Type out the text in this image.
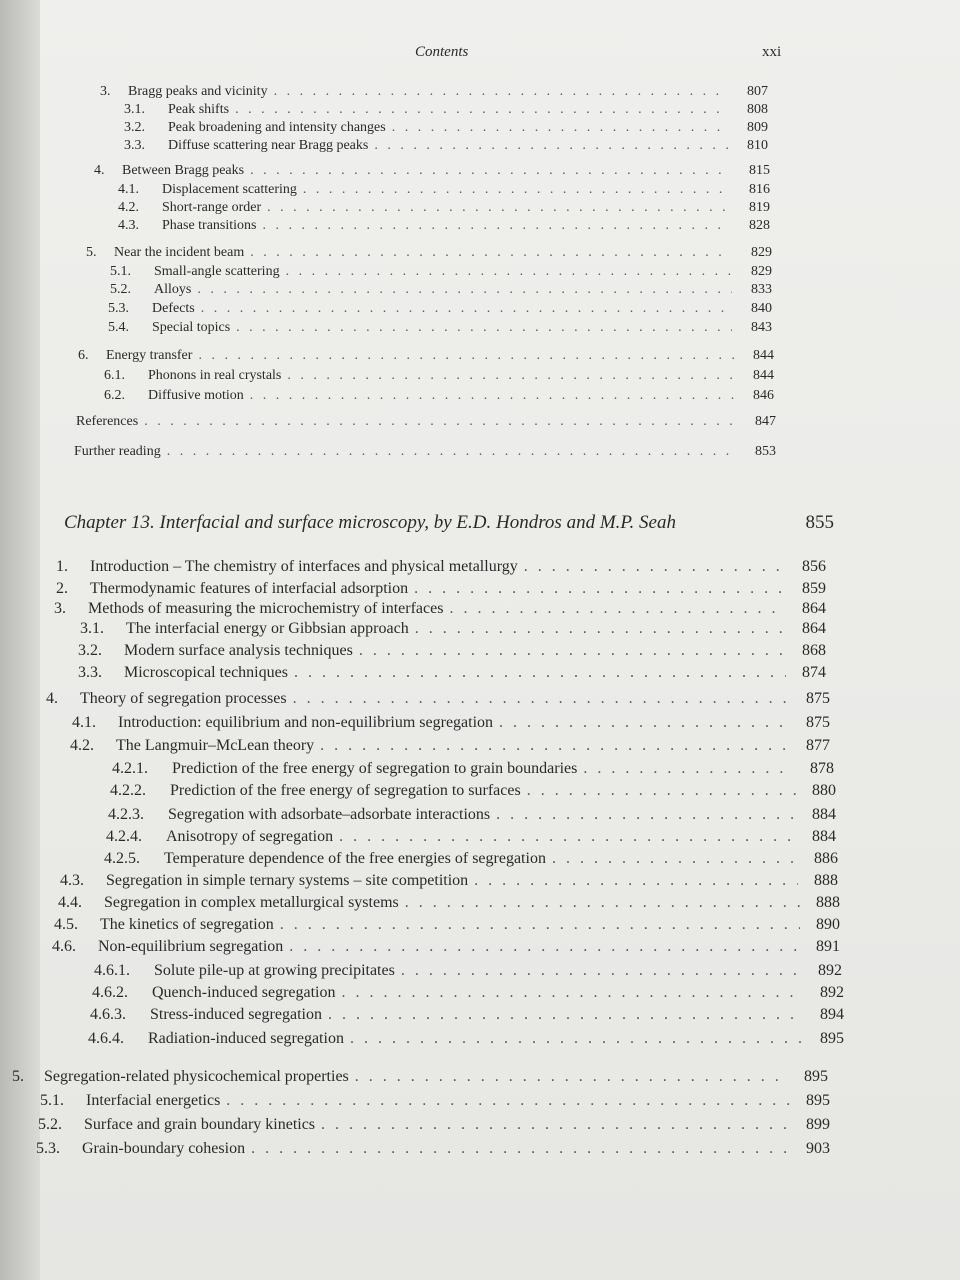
Contents	xxi
3.	Bragg peaks and vicinity . . .	807
3.1.	Peak shifts . . .	808
3.2.	Peak broadening and intensity changes . . .	809
3.3.	Diffuse scattering near Bragg peaks . . .	810
4.	Between Bragg peaks . . .	815
4.1.	Displacement scattering . . .	816
4.2.	Short-range order . . .	819
4.3.	Phase transitions . . .	828
5.	Near the incident beam . . .	829
5.1.	Small-angle scattering . . .	829
5.2.	Alloys . . .	833
5.3.	Defects . . .	840
5.4.	Special topics . . .	843
6.	Energy transfer . . .	844
6.1.	Phonons in real crystals . . .	844
6.2.	Diffusive motion . . .	846
References . . .	847
Further reading . . .	853
Chapter 13. Interfacial and surface microscopy, by E.D. Hondros and M.P. Seah	855
1.	Introduction – The chemistry of interfaces and physical metallurgy . . .	856
2.	Thermodynamic features of interfacial adsorption . . .	859
3.	Methods of measuring the microchemistry of interfaces . . .	864
3.1.	The interfacial energy or Gibbsian approach . . .	864
3.2.	Modern surface analysis techniques . . .	868
3.3.	Microscopical techniques . . .	874
4.	Theory of segregation processes . . .	875
4.1.	Introduction: equilibrium and non-equilibrium segregation . . .	875
4.2.	The Langmuir–McLean theory . . .	877
4.2.1.	Prediction of the free energy of segregation to grain boundaries . . .	878
4.2.2.	Prediction of the free energy of segregation to surfaces . . .	880
4.2.3.	Segregation with adsorbate–adsorbate interactions . . .	884
4.2.4.	Anisotropy of segregation . . .	884
4.2.5.	Temperature dependence of the free energies of segregation . . .	886
4.3.	Segregation in simple ternary systems – site competition . . .	888
4.4.	Segregation in complex metallurgical systems . . .	888
4.5.	The kinetics of segregation . . .	890
4.6.	Non-equilibrium segregation . . .	891
4.6.1.	Solute pile-up at growing precipitates . . .	892
4.6.2.	Quench-induced segregation . . .	892
4.6.3.	Stress-induced segregation . . .	894
4.6.4.	Radiation-induced segregation . . .	895
5.	Segregation-related physicochemical properties . . .	895
5.1.	Interfacial energetics . . .	895
5.2.	Surface and grain boundary kinetics . . .	899
5.3.	Grain-boundary cohesion . . .	903
